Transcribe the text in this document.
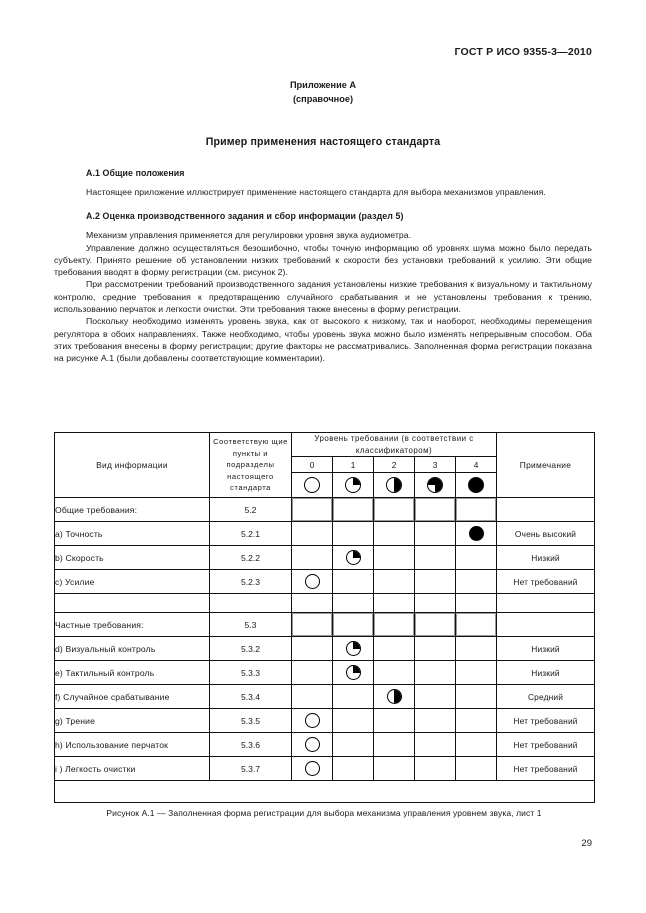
ГОСТ Р ИСО 9355-3—2010
Приложение А
(справочное)
Пример применения настоящего стандарта
А.1 Общие положения

Настоящее приложение иллюстрирует применение настоящего стандарта для выбора механизмов управления.

А.2 Оценка производственного задания и сбор информации (раздел 5)

Механизм управления применяется для регулировки уровня звука аудиометра.

Управление должно осуществляться безошибочно, чтобы точную информацию об уровнях шума можно было передать субъекту. Принято решение об установлении низких требований к скорости без установки требований к усилию. Эти общие требования вводят в форму регистрации (см. рисунок 2).

При рассмотрении требований производственного задания установлены низкие требования к визуальному и тактильному контролю, средние требования к предотвращению случайного срабатывания и не установлены требования к трению, использованию перчаток и легкости очистки. Эти требования также внесены в форму регистрации.

Поскольку необходимо изменять уровень звука, как от высокого к низкому, так и наоборот, необходимы перемещения регулятора в обоих направлениях. Также необходимо, чтобы уровень звука можно было изменять непрерывным способом. Оба этих требования внесены в форму регистрации; другие факторы не рассматривались. Заполненная форма регистрации показана на рисунке А.1 (были добавлены соответствующие комментарии).

Вид информации	Соответствую щие пункты и подразделы настоящего стандарта	Уровень требовании (в соответствии с классификатором)					Примечание
		0	1	2	3	4	

Общие требования:	5.2						
a) Точность	5.2.1						Очень высокий
b) Скорость	5.2.2						Низкий
c) Усилие	5.2.3						Нет требований

Частные требования:	5.3						
d) Визуальный контроль	5.3.2						Низкий
e) Тактильный контроль	5.3.3						Низкий
f) Случайное срабатывание	5.3.4						Средний
g) Трение	5.3.5						Нет требований
h) Использование перчаток	5.3.6						Нет требований
i ) Легкость очистки	5.3.7						Нет требований

Рисунок А.1 — Заполненная форма регистрации для выбора механизма управления уровнем звука, лист 1
29
